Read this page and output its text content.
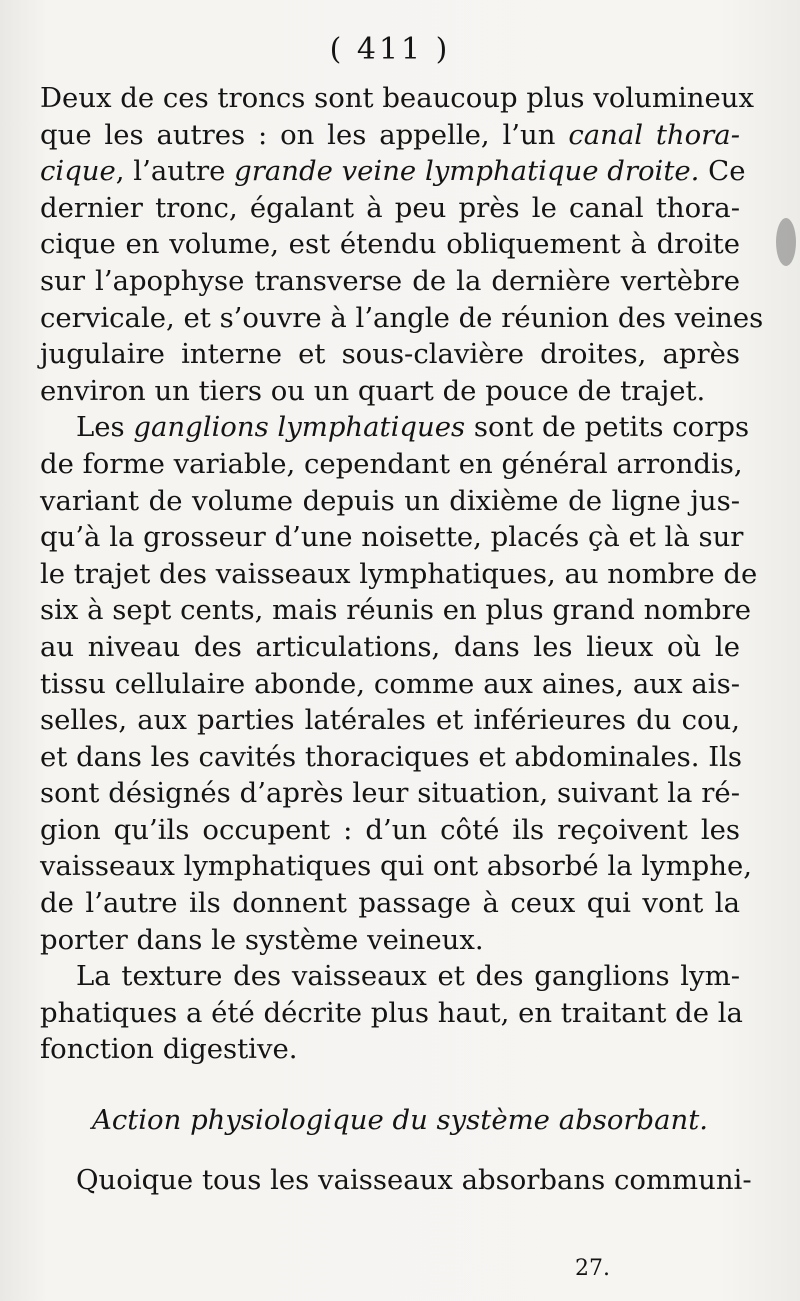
( 411 )
Deux de ces troncs sont beaucoup plus volumineux
que les autres : on les appelle, l’un canal thora-
cique, l’autre grande veine lymphatique droite. Ce
dernier tronc, égalant à peu près le canal thora-
cique en volume, est étendu obliquement à droite
sur l’apophyse transverse de la dernière vertèbre
cervicale, et s’ouvre à l’angle de réunion des veines
jugulaire interne et sous-clavière droites, après
environ un tiers ou un quart de pouce de trajet.
Les ganglions lymphatiques sont de petits corps
de forme variable, cependant en général arrondis,
variant de volume depuis un dixième de ligne jus-
qu’à la grosseur d’une noisette, placés çà et là sur
le trajet des vaisseaux lymphatiques, au nombre de
six à sept cents, mais réunis en plus grand nombre
au niveau des articulations, dans les lieux où le
tissu cellulaire abonde, comme aux aines, aux ais-
selles, aux parties latérales et inférieures du cou,
et dans les cavités thoraciques et abdominales. Ils
sont désignés d’après leur situation, suivant la ré-
gion qu’ils occupent : d’un côté ils reçoivent les
vaisseaux lymphatiques qui ont absorbé la lymphe,
de l’autre ils donnent passage à ceux qui vont la
porter dans le système veineux.
La texture des vaisseaux et des ganglions lym-
phatiques a été décrite plus haut, en traitant de la
fonction digestive.
Action physiologique du système absorbant.
Quoique tous les vaisseaux absorbans communi-
27.
